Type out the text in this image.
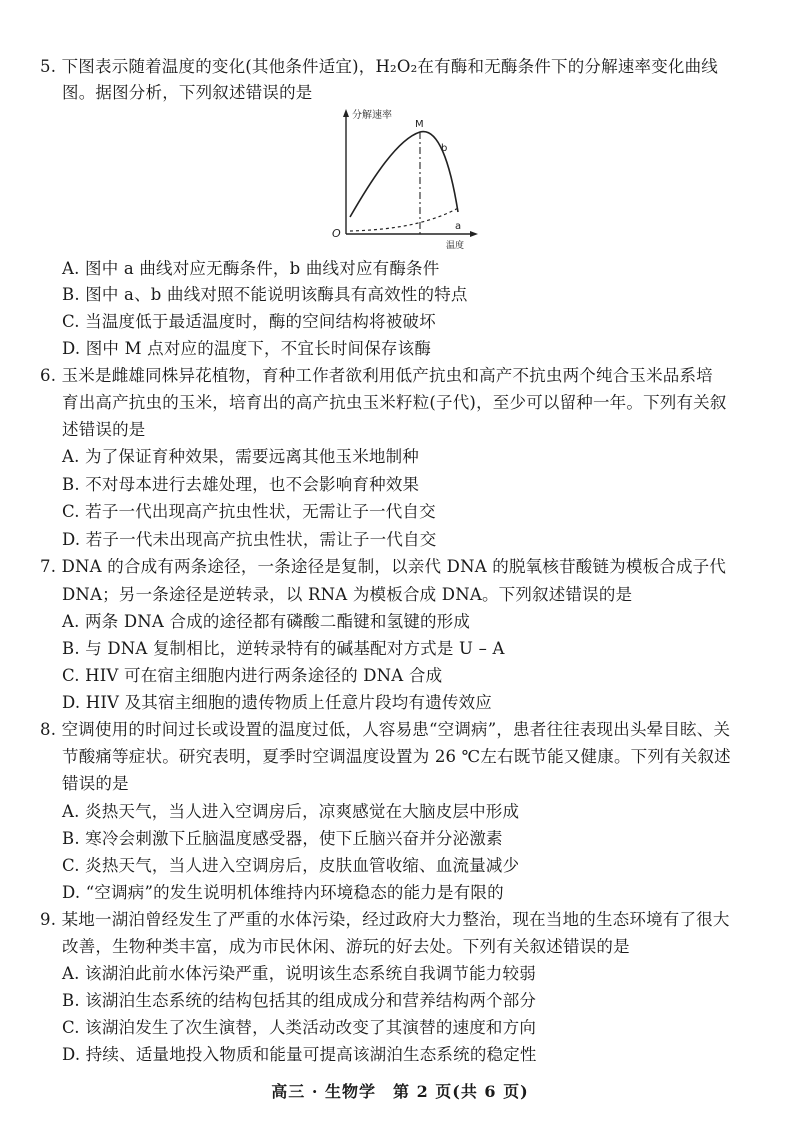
5. 下图表示随着温度的变化(其他条件适宜)，H₂O₂在有酶和无酶条件下的分解速率变化曲线
图。据图分析，下列叙述错误的是
分解速率
M
b
a
O
温度
A. 图中 a 曲线对应无酶条件，b 曲线对应有酶条件
B. 图中 a、b 曲线对照不能说明该酶具有高效性的特点
C. 当温度低于最适温度时，酶的空间结构将被破坏
D. 图中 M 点对应的温度下，不宜长时间保存该酶
6. 玉米是雌雄同株异花植物，育种工作者欲利用低产抗虫和高产不抗虫两个纯合玉米品系培
育出高产抗虫的玉米，培育出的高产抗虫玉米籽粒(子代)，至少可以留种一年。下列有关叙
述错误的是
A. 为了保证育种效果，需要远离其他玉米地制种
B. 不对母本进行去雄处理，也不会影响育种效果
C. 若子一代出现高产抗虫性状，无需让子一代自交
D. 若子一代未出现高产抗虫性状，需让子一代自交
7. DNA 的合成有两条途径，一条途径是复制，以亲代 DNA 的脱氧核苷酸链为模板合成子代
DNA；另一条途径是逆转录，以 RNA 为模板合成 DNA。下列叙述错误的是
A. 两条 DNA 合成的途径都有磷酸二酯键和氢键的形成
B. 与 DNA 复制相比，逆转录特有的碱基配对方式是 U – A
C. HIV 可在宿主细胞内进行两条途径的 DNA 合成
D. HIV 及其宿主细胞的遗传物质上任意片段均有遗传效应
8. 空调使用的时间过长或设置的温度过低，人容易患“空调病”，患者往往表现出头晕目眩、关
节酸痛等症状。研究表明，夏季时空调温度设置为 26 ℃左右既节能又健康。下列有关叙述
错误的是
A. 炎热天气，当人进入空调房后，凉爽感觉在大脑皮层中形成
B. 寒冷会刺激下丘脑温度感受器，使下丘脑兴奋并分泌激素
C. 炎热天气，当人进入空调房后，皮肤血管收缩、血流量减少
D. “空调病”的发生说明机体维持内环境稳态的能力是有限的
9. 某地一湖泊曾经发生了严重的水体污染，经过政府大力整治，现在当地的生态环境有了很大
改善，生物种类丰富，成为市民休闲、游玩的好去处。下列有关叙述错误的是
A. 该湖泊此前水体污染严重，说明该生态系统自我调节能力较弱
B. 该湖泊生态系统的结构包括其的组成成分和营养结构两个部分
C. 该湖泊发生了次生演替，人类活动改变了其演替的速度和方向
D. 持续、适量地投入物质和能量可提高该湖泊生态系统的稳定性
高三 · 生物学　第 2 页(共 6 页)
